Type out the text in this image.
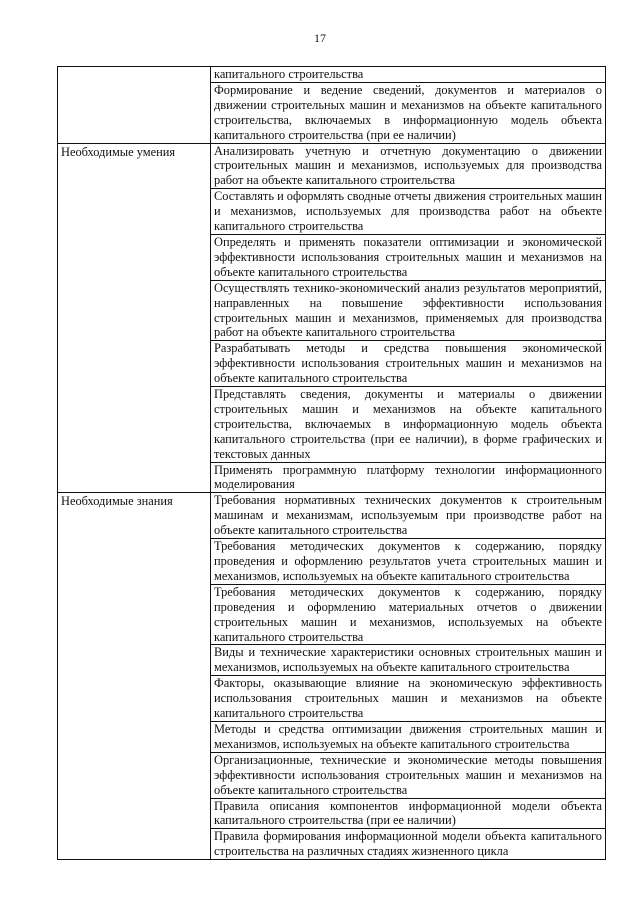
17
	капитального строительства
	Формирование и ведение сведений, документов и материалов о движении строительных машин и механизмов на объекте капитального строительства, включаемых в информационную модель объекта капитального строительства (при ее наличии)
Необходимые умения	Анализировать учетную и отчетную документацию о движении строительных машин и механизмов, используемых для производства работ на объекте капитального строительства
	Составлять и оформлять сводные отчеты движения строительных машин и механизмов, используемых для производства работ на объекте капитального строительства
	Определять и применять показатели оптимизации и экономической эффективности использования строительных машин и механизмов на объекте капитального строительства
	Осуществлять технико-экономический анализ результатов мероприятий, направленных на повышение эффективности использования строительных машин и механизмов, применяемых для производства работ на объекте капитального строительства
	Разрабатывать методы и средства повышения экономической эффективности использования строительных машин и механизмов на объекте капитального строительства
	Представлять сведения, документы и материалы о движении строительных машин и механизмов на объекте капитального строительства, включаемых в информационную модель объекта капитального строительства (при ее наличии), в форме графических и текстовых данных
	Применять программную платформу технологии информационного моделирования
Необходимые знания	Требования нормативных технических документов к строительным машинам и механизмам, используемым при производстве работ на объекте капитального строительства
	Требования методических документов к содержанию, порядку проведения и оформлению результатов учета строительных машин и механизмов, используемых на объекте капитального строительства
	Требования методических документов к содержанию, порядку проведения и оформлению материальных отчетов о движении строительных машин и механизмов, используемых на объекте капитального строительства
	Виды и технические характеристики основных строительных машин и механизмов, используемых на объекте капитального строительства
	Факторы, оказывающие влияние на экономическую эффективность использования строительных машин и механизмов на объекте капитального строительства
	Методы и средства оптимизации движения строительных машин и механизмов, используемых на объекте капитального строительства
	Организационные, технические и экономические методы повышения эффективности использования строительных машин и механизмов на объекте капитального строительства
	Правила описания компонентов информационной модели объекта капитального строительства (при ее наличии)
	Правила формирования информационной модели объекта капитального строительства на различных стадиях жизненного цикла
